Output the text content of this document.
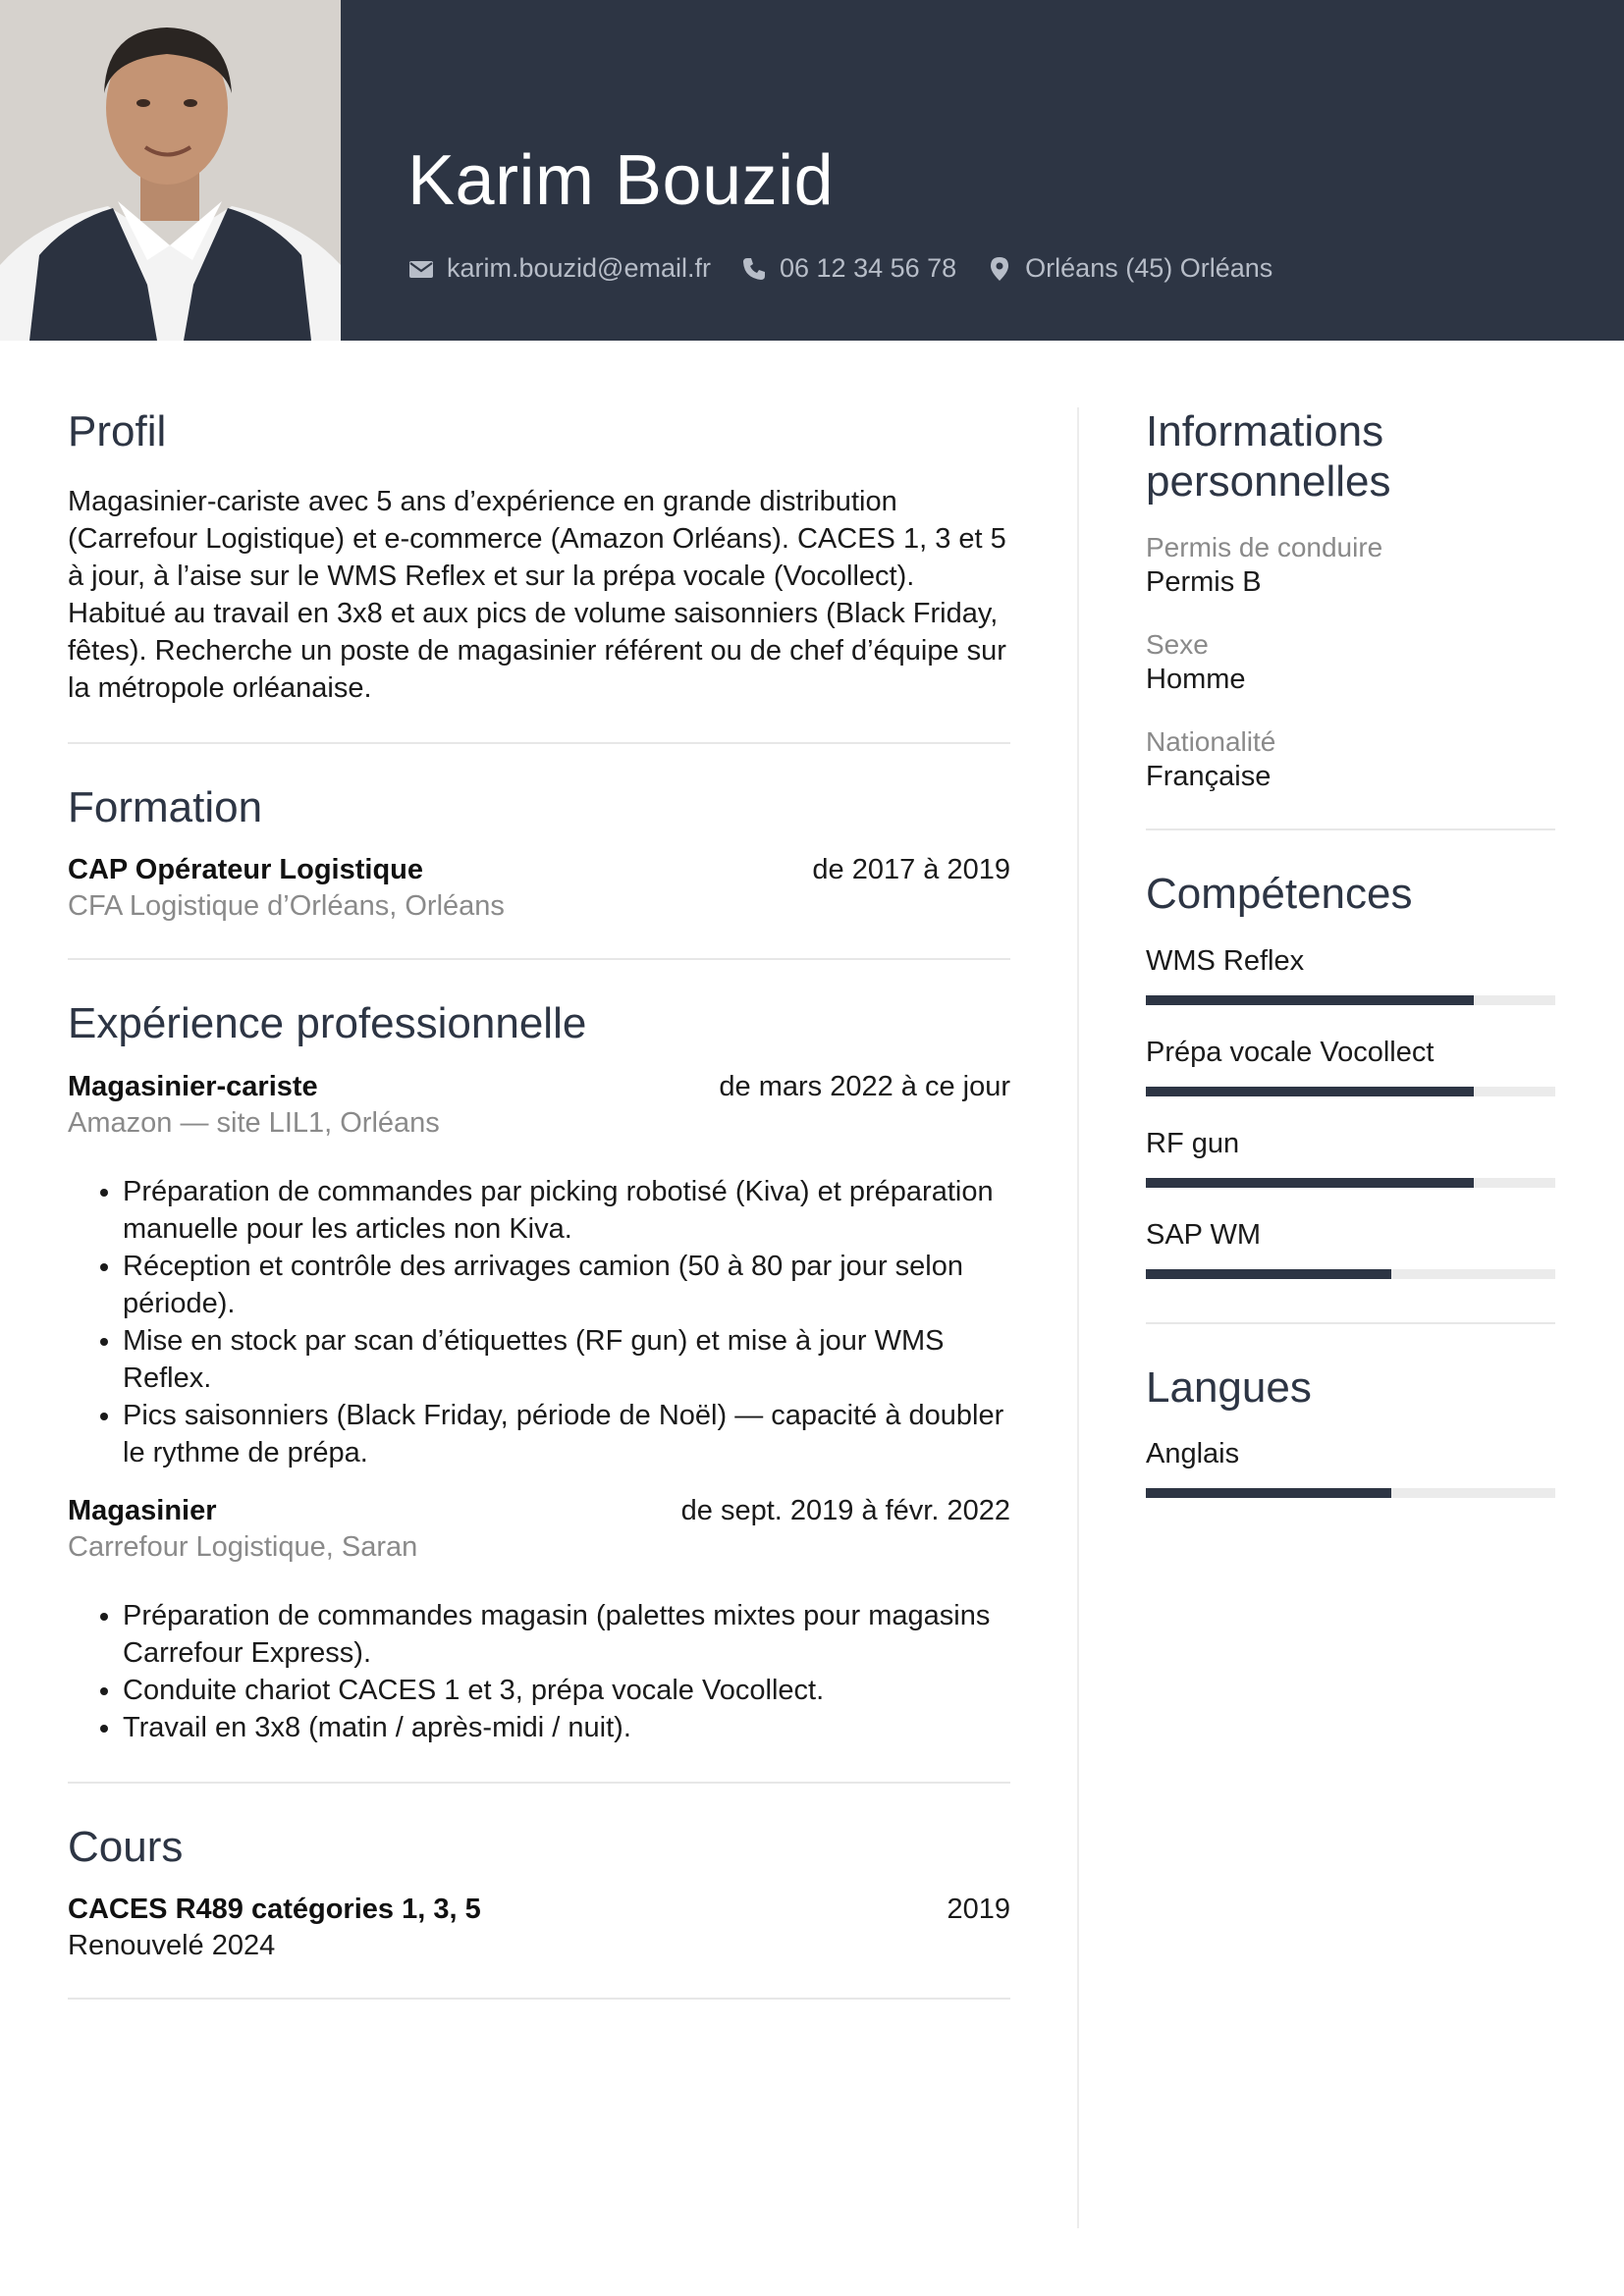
Karim Bouzid
karim.bouzid@email.fr	06 12 34 56 78	Orléans (45) Orléans
Profil

Magasinier-cariste avec 5 ans d’expérience en grande distribution (Carrefour Logistique) et e-commerce (Amazon Orléans). CACES 1, 3 et 5 à jour, à l’aise sur le WMS Reflex et sur la prépa vocale (Vocollect). Habitué au travail en 3x8 et aux pics de volume saisonniers (Black Friday, fêtes). Recherche un poste de magasinier référent ou de chef d’équipe sur la métropole orléanaise.

Formation
CAP Opérateur Logistique	de 2017 à 2019
CFA Logistique d’Orléans, Orléans
Expérience professionnelle
Magasinier-cariste	de mars 2022 à ce jour
Amazon — site LIL1, Orléans
• Préparation de commandes par picking robotisé (Kiva) et préparation manuelle pour les articles non Kiva.
• Réception et contrôle des arrivages camion (50 à 80 par jour selon période).
• Mise en stock par scan d’étiquettes (RF gun) et mise à jour WMS Reflex.
• Pics saisonniers (Black Friday, période de Noël) — capacité à doubler le rythme de prépa.
Magasinier	de sept. 2019 à févr. 2022
Carrefour Logistique, Saran
• Préparation de commandes magasin (palettes mixtes pour magasins Carrefour Express).
• Conduite chariot CACES 1 et 3, prépa vocale Vocollect.
• Travail en 3x8 (matin / après-midi / nuit).
Cours
CACES R489 catégories 1, 3, 5	2019
Renouvelé 2024
Informations
personnelles
Permis de conduire
Permis B
Sexe
Homme
Nationalité
Française
Compétences
WMS Reflex
Prépa vocale Vocollect
RF gun
SAP WM
Langues
Anglais
